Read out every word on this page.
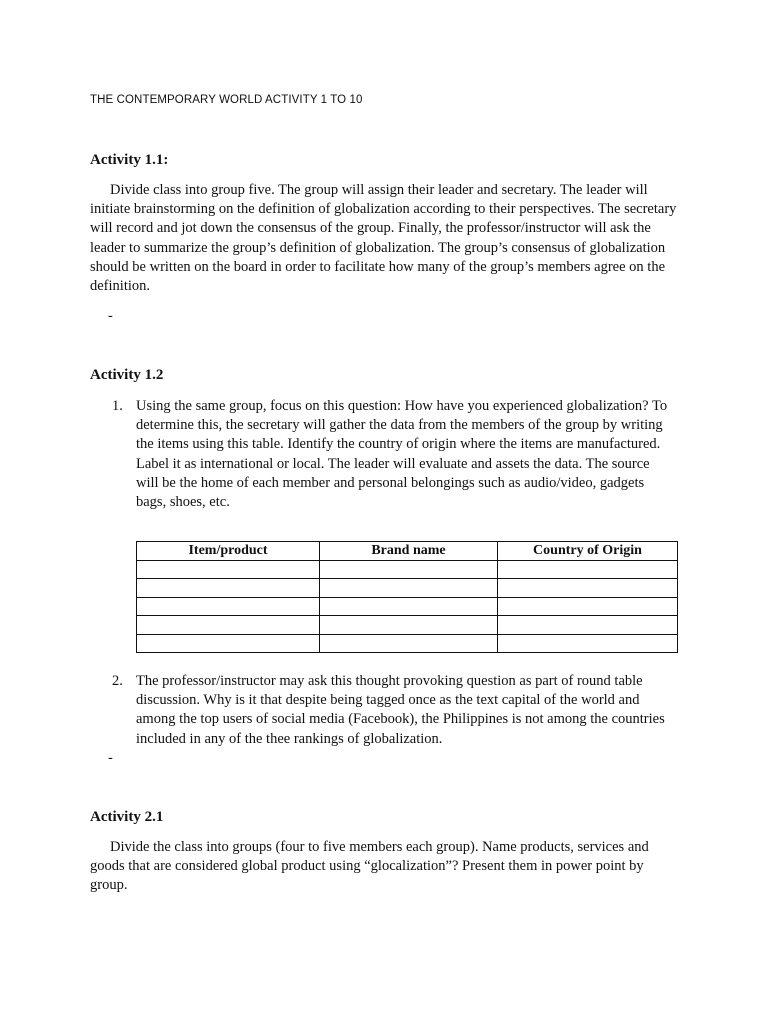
THE CONTEMPORARY WORLD ACTIVITY 1 TO 10
Activity 1.1:

Divide class into group five. The group will assign their leader and secretary. The leader will initiate brainstorming on the definition of globalization according to their perspectives. The secretary will record and jot down the consensus of the group. Finally, the professor/instructor will ask the leader to summarize the group’s definition of globalization. The group’s consensus of globalization should be written on the board in order to facilitate how many of the group’s members agree on the definition.

-
Activity 1.2
1. Using the same group, focus on this question: How have you experienced globalization? To determine this, the secretary will gather the data from the members of the group by writing the items using this table. Identify the country of origin where the items are manufactured. Label it as international or local. The leader will evaluate and assets the data. The source will be the home of each member and personal belongings such as audio/video, gadgets bags, shoes, etc.
Item/product	Brand name	Country of Origin

2. The professor/instructor may ask this thought provoking question as part of round table discussion. Why is it that despite being tagged once as the text capital of the world and among the top users of social media (Facebook), the Philippines is not among the countries included in any of the thee rankings of globalization.
-
Activity 2.1

Divide the class into groups (four to five members each group). Name products, services and goods that are considered global product using “glocalization”? Present them in power point by group.
